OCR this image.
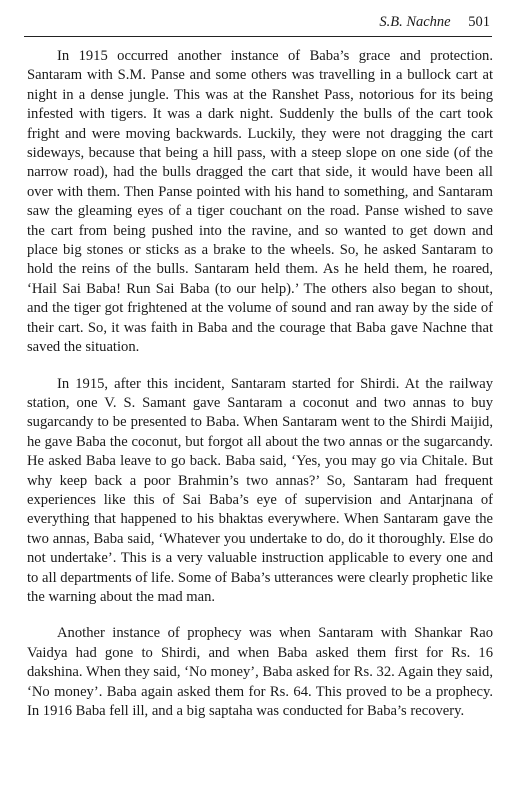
S.B. Nachne 501

In 1915 occurred another instance of Baba’s grace and protection. Santaram with S.M. Panse and some others was travelling in a bullock cart at night in a dense jungle. This was at the Ranshet Pass, notorious for its being infested with tigers. It was a dark night. Suddenly the bulls of the cart took fright and were moving backwards. Luckily, they were not dragging the cart sideways, because that being a hill pass, with a steep slope on one side (of the narrow road), had the bulls dragged the cart that side, it would have been all over with them. Then Panse pointed with his hand to something, and Santaram saw the gleaming eyes of a tiger couchant on the road. Panse wished to save the cart from being pushed into the ravine, and so wanted to get down and place big stones or sticks as a brake to the wheels. So, he asked Santaram to hold the reins of the bulls. Santaram held them. As he held them, he roared, ‘Hail Sai Baba! Run Sai Baba (to our help).’ The others also began to shout, and the tiger got frightened at the volume of sound and ran away by the side of their cart. So, it was faith in Baba and the courage that Baba gave Nachne that saved the situation.

In 1915, after this incident, Santaram started for Shirdi. At the railway station, one V. S. Samant gave Santaram a coconut and two annas to buy sugarcandy to be presented to Baba. When Santaram went to the Shirdi Maijid, he gave Baba the coconut, but forgot all about the two annas or the sugarcandy. He asked Baba leave to go back. Baba said, ‘Yes, you may go via Chitale. But why keep back a poor Brahmin’s two annas?’ So, Santaram had frequent experiences like this of Sai Baba’s eye of supervision and Antarjnana of everything that happened to his bhaktas everywhere. When Santaram gave the two annas, Baba said, ‘Whatever you undertake to do, do it thoroughly. Else do not undertake’. This is a very valuable instruction applicable to every one and to all departments of life. Some of Baba’s utterances were clearly prophetic like the warning about the mad man.

Another instance of prophecy was when Santaram with Shankar Rao Vaidya had gone to Shirdi, and when Baba asked them first for Rs. 16 dakshina. When they said, ‘No money’, Baba asked for Rs. 32. Again they said, ‘No money’. Baba again asked them for Rs. 64. This proved to be a prophecy. In 1916 Baba fell ill, and a big saptaha was conducted for Baba’s recovery.
